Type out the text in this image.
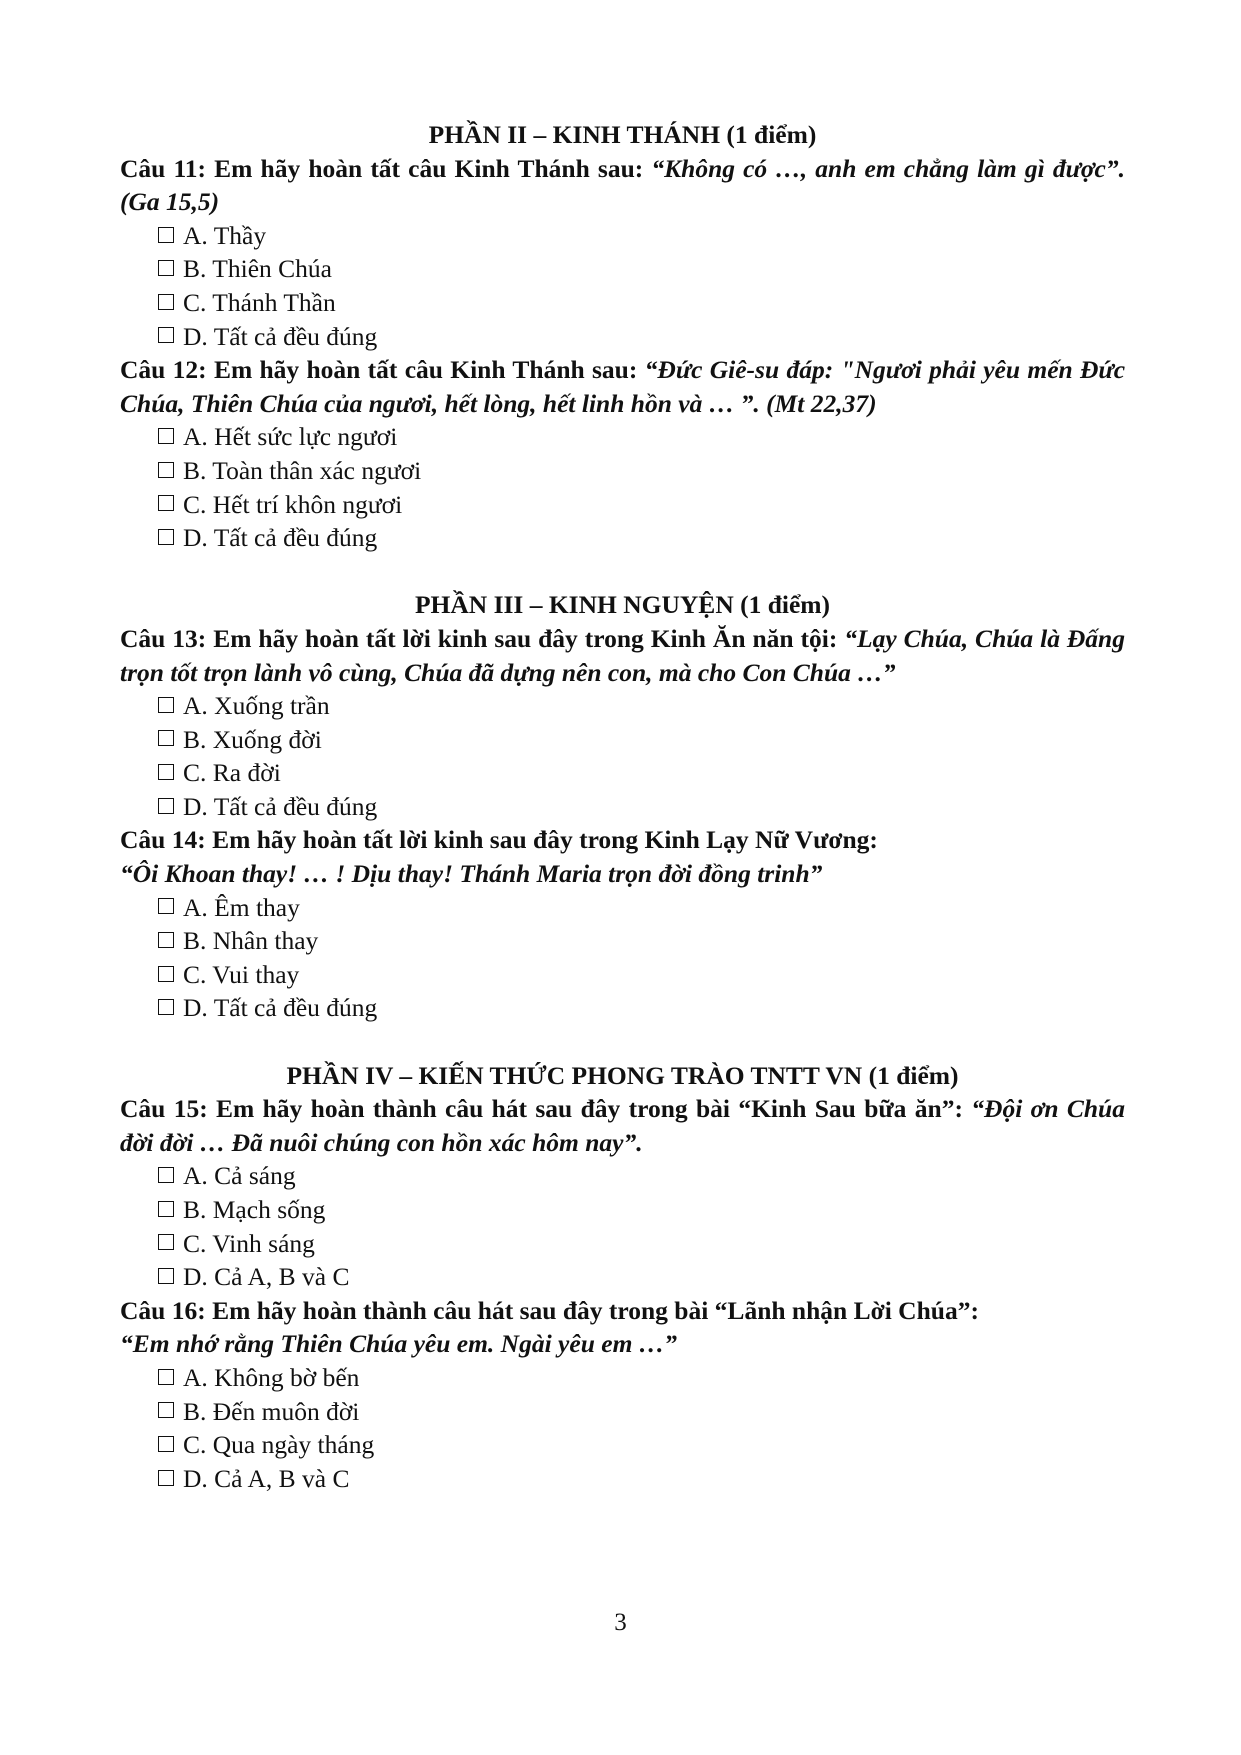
PHẦN II – KINH THÁNH (1 điểm)
Câu 11: Em hãy hoàn tất câu Kinh Thánh sau: “Không có …, anh em chẳng làm gì được”. (Ga 15,5)
A. Thầy
B. Thiên Chúa
C. Thánh Thần
D. Tất cả đều đúng
Câu 12: Em hãy hoàn tất câu Kinh Thánh sau: “Đức Giê-su đáp: "Ngươi phải yêu mến Đức Chúa, Thiên Chúa của ngươi, hết lòng, hết linh hồn và … ”. (Mt 22,37)
A. Hết sức lực ngươi
B. Toàn thân xác ngươi
C. Hết trí khôn ngươi
D. Tất cả đều đúng
PHẦN III – KINH NGUYỆN (1 điểm)
Câu 13: Em hãy hoàn tất lời kinh sau đây trong Kinh Ăn năn tội: “Lạy Chúa, Chúa là Đấng trọn tốt trọn lành vô cùng, Chúa đã dựng nên con, mà cho Con Chúa …”
A. Xuống trần
B. Xuống đời
C. Ra đời
D. Tất cả đều đúng
Câu 14: Em hãy hoàn tất lời kinh sau đây trong Kinh Lạy Nữ Vương:
“Ôi Khoan thay! … ! Dịu thay! Thánh Maria trọn đời đồng trinh”
A. Êm thay
B. Nhân thay
C. Vui thay
D. Tất cả đều đúng
PHẦN IV – KIẾN THỨC PHONG TRÀO TNTT VN (1 điểm)
Câu 15: Em hãy hoàn thành câu hát sau đây trong bài “Kinh Sau bữa ăn”: “Đội ơn Chúa đời đời … Đã nuôi chúng con hồn xác hôm nay”.
A. Cả sáng
B. Mạch sống
C. Vinh sáng
D. Cả A, B và C
Câu 16: Em hãy hoàn thành câu hát sau đây trong bài “Lãnh nhận Lời Chúa”:
“Em nhớ rằng Thiên Chúa yêu em. Ngài yêu em …”
A. Không bờ bến
B. Đến muôn đời
C. Qua ngày tháng
D. Cả A, B và C
3
